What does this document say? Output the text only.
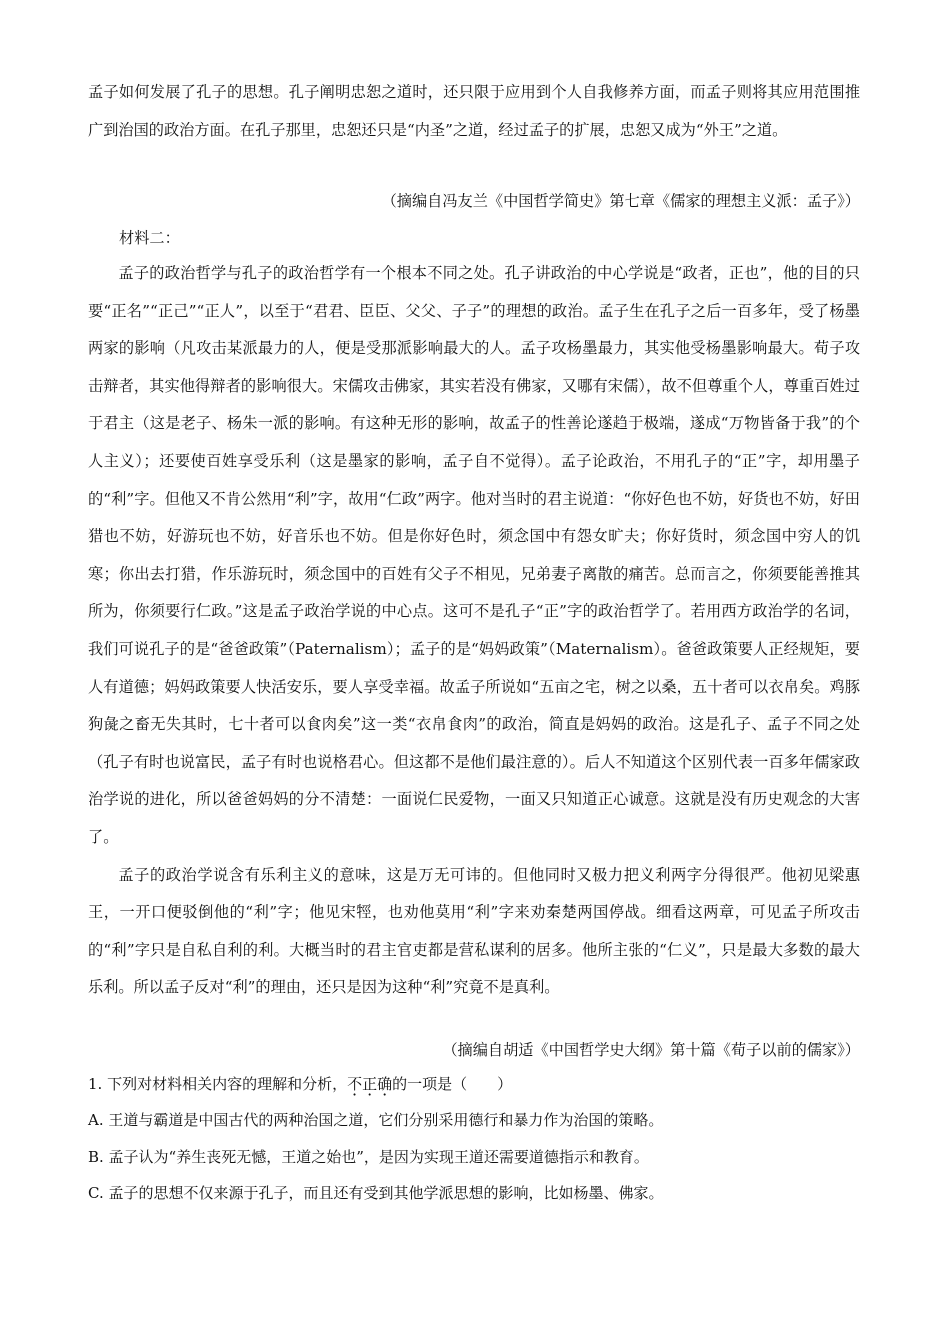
孟子如何发展了孔子的思想。孔子阐明忠恕之道时，还只限于应用到个人自我修养方面，而孟子则将其应用范围推广到治国的政治方面。在孔子那里，忠恕还只是“内圣”之道，经过孟子的扩展，忠恕又成为“外王”之道。

（摘编自冯友兰《中国哲学简史》第七章《儒家的理想主义派：孟子》）
材料二：

孟子的政治哲学与孔子的政治哲学有一个根本不同之处。孔子讲政治的中心学说是“政者，正也”，他的目的只要“正名”“正己”“正人”，以至于“君君、臣臣、父父、子子”的理想的政治。孟子生在孔子之后一百多年，受了杨墨两家的影响（凡攻击某派最力的人，便是受那派影响最大的人。孟子攻杨墨最力，其实他受杨墨影响最大。荀子攻击辩者，其实他得辩者的影响很大。宋儒攻击佛家，其实若没有佛家，又哪有宋儒），故不但尊重个人，尊重百姓过于君主（这是老子、杨朱一派的影响。有这种无形的影响，故孟子的性善论遂趋于极端，遂成“万物皆备于我”的个人主义）；还要使百姓享受乐利（这是墨家的影响，孟子自不觉得）。孟子论政治，不用孔子的“正”字，却用墨子的“利”字。但他又不肯公然用“利”字，故用“仁政”两字。他对当时的君主说道：“你好色也不妨，好货也不妨，好田猎也不妨，好游玩也不妨，好音乐也不妨。但是你好色时，须念国中有怨女旷夫；你好货时，须念国中穷人的饥寒；你出去打猎，作乐游玩时，须念国中的百姓有父子不相见，兄弟妻子离散的痛苦。总而言之，你须要能善推其所为，你须要行仁政。”这是孟子政治学说的中心点。这可不是孔子“正”字的政治哲学了。若用西方政治学的名词，我们可说孔子的是“爸爸政策”（Paternalism）；孟子的是“妈妈政策”（Maternalism）。爸爸政策要人正经规矩，要人有道德；妈妈政策要人快活安乐，要人享受幸福。故孟子所说如“五亩之宅，树之以桑，五十者可以衣帛矣。鸡豚狗彘之畜无失其时，七十者可以食肉矣”这一类“衣帛食肉”的政治，简直是妈妈的政治。这是孔子、孟子不同之处（孔子有时也说富民，孟子有时也说格君心。但这都不是他们最注意的）。后人不知道这个区别代表一百多年儒家政治学说的进化，所以爸爸妈妈的分不清楚：一面说仁民爱物，一面又只知道正心诚意。这就是没有历史观念的大害了。

孟子的政治学说含有乐利主义的意味，这是万无可讳的。但他同时又极力把义利两字分得很严。他初见梁惠王，一开口便驳倒他的“利”字；他见宋牼，也劝他莫用“利”字来劝秦楚两国停战。细看这两章，可见孟子所攻击的“利”字只是自私自利的利。大概当时的君主官吏都是营私谋利的居多。他所主张的“仁义”，只是最大多数的最大乐利。所以孟子反对“利”的理由，还只是因为这种“利”究竟不是真利。

（摘编自胡适《中国哲学史大纲》第十篇《荀子以前的儒家》）
1. 下列对材料相关内容的理解和分析，不正确的一项是（　　）
A. 王道与霸道是中国古代的两种治国之道，它们分别采用德行和暴力作为治国的策略。
B. 孟子认为“养生丧死无憾，王道之始也”，是因为实现王道还需要道德指示和教育。
C. 孟子的思想不仅来源于孔子，而且还有受到其他学派思想的影响，比如杨墨、佛家。
